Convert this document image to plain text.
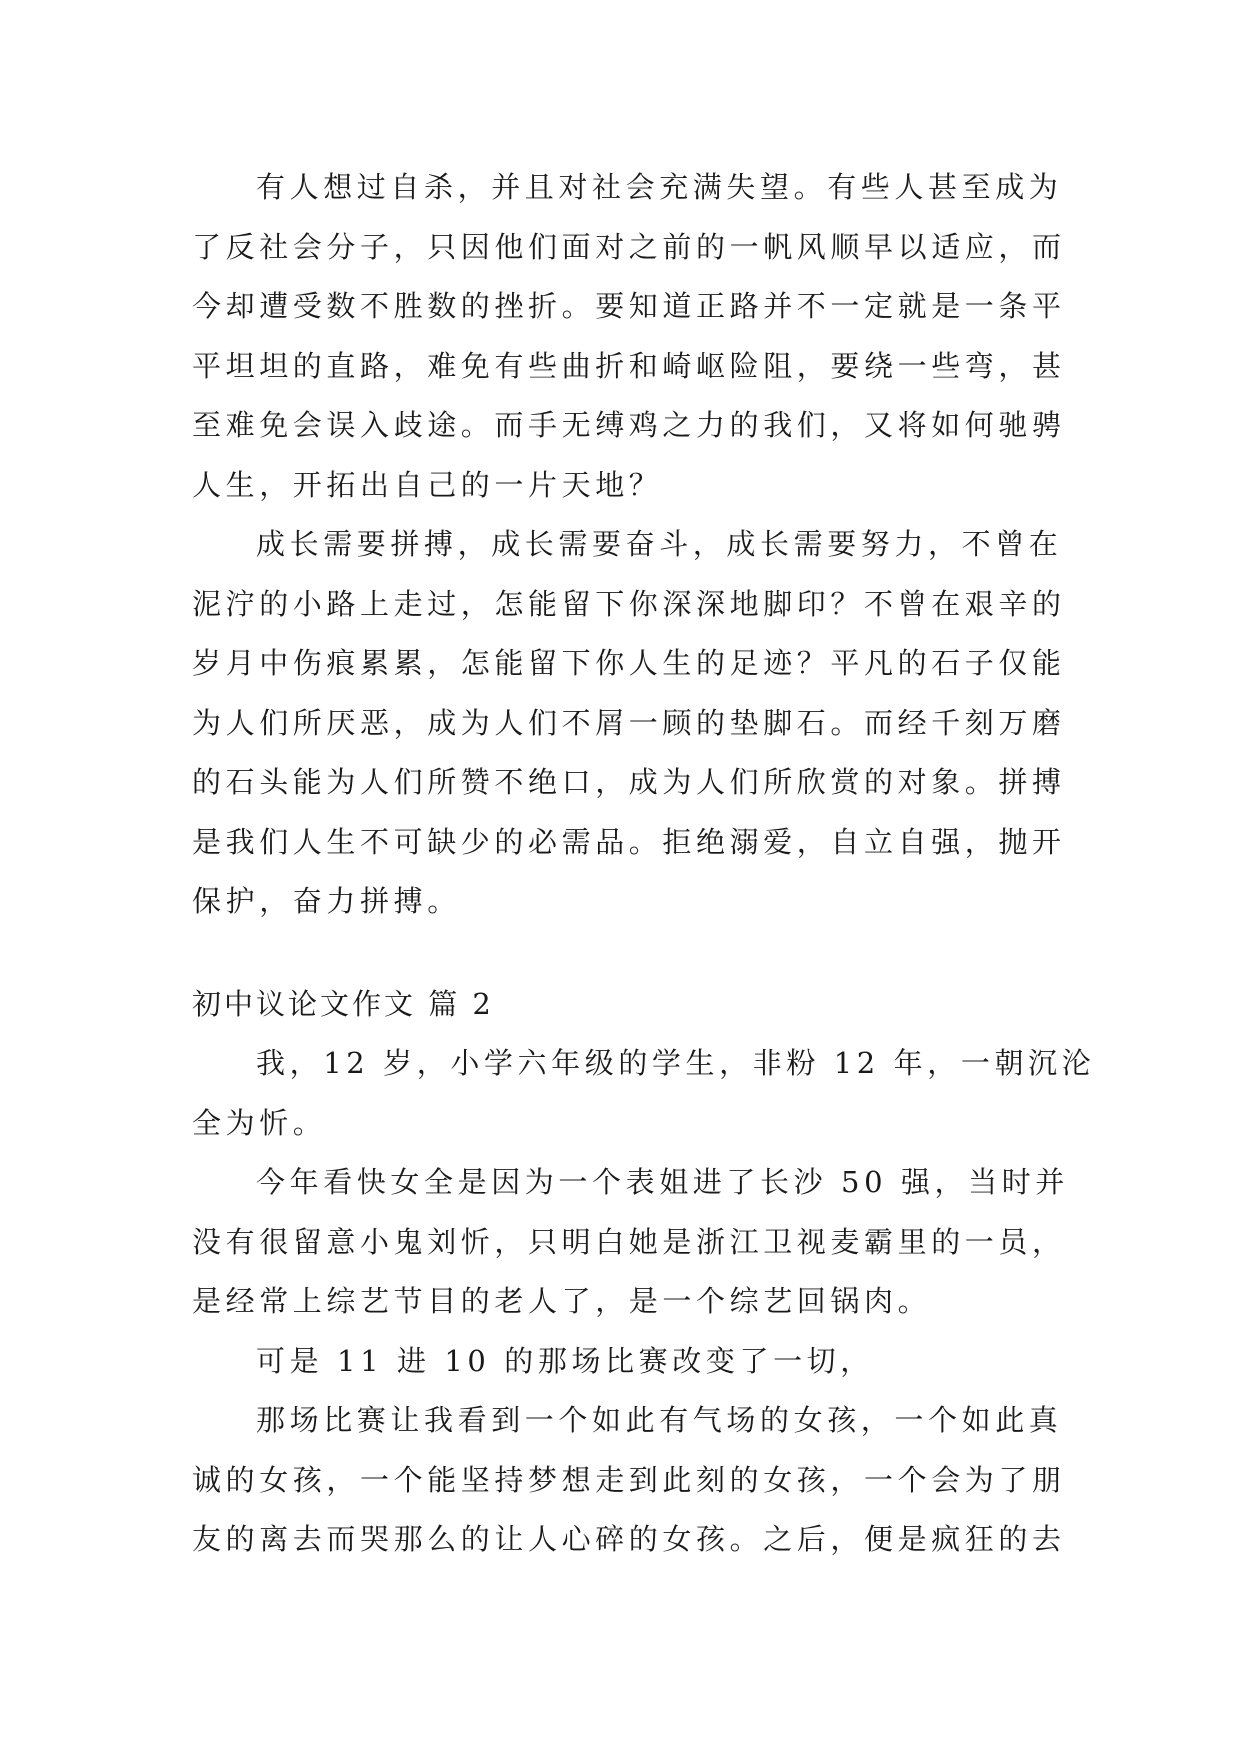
有人想过自杀，并且对社会充满失望。有些人甚至成为
了反社会分子，只因他们面对之前的一帆风顺早以适应，而
今却遭受数不胜数的挫折。要知道正路并不一定就是一条平
平坦坦的直路，难免有些曲折和崎岖险阻，要绕一些弯，甚
至难免会误入歧途。而手无缚鸡之力的我们，又将如何驰骋
人生，开拓出自己的一片天地？
成长需要拼搏，成长需要奋斗，成长需要努力，不曾在
泥泞的小路上走过，怎能留下你深深地脚印？不曾在艰辛的
岁月中伤痕累累，怎能留下你人生的足迹？平凡的石子仅能
为人们所厌恶，成为人们不屑一顾的垫脚石。而经千刻万磨
的石头能为人们所赞不绝口，成为人们所欣赏的对象。拼搏
是我们人生不可缺少的必需品。拒绝溺爱，自立自强，抛开
保护，奋力拼搏。
初中议论文作文 篇 2
我，12 岁，小学六年级的学生，非粉 12 年，一朝沉沦
全为忻。
今年看快女全是因为一个表姐进了长沙 50 强，当时并
没有很留意小鬼刘忻，只明白她是浙江卫视麦霸里的一员，
是经常上综艺节目的老人了，是一个综艺回锅肉。
可是 11 进 10 的那场比赛改变了一切，
那场比赛让我看到一个如此有气场的女孩，一个如此真
诚的女孩，一个能坚持梦想走到此刻的女孩，一个会为了朋
友的离去而哭那么的让人心碎的女孩。之后，便是疯狂的去
